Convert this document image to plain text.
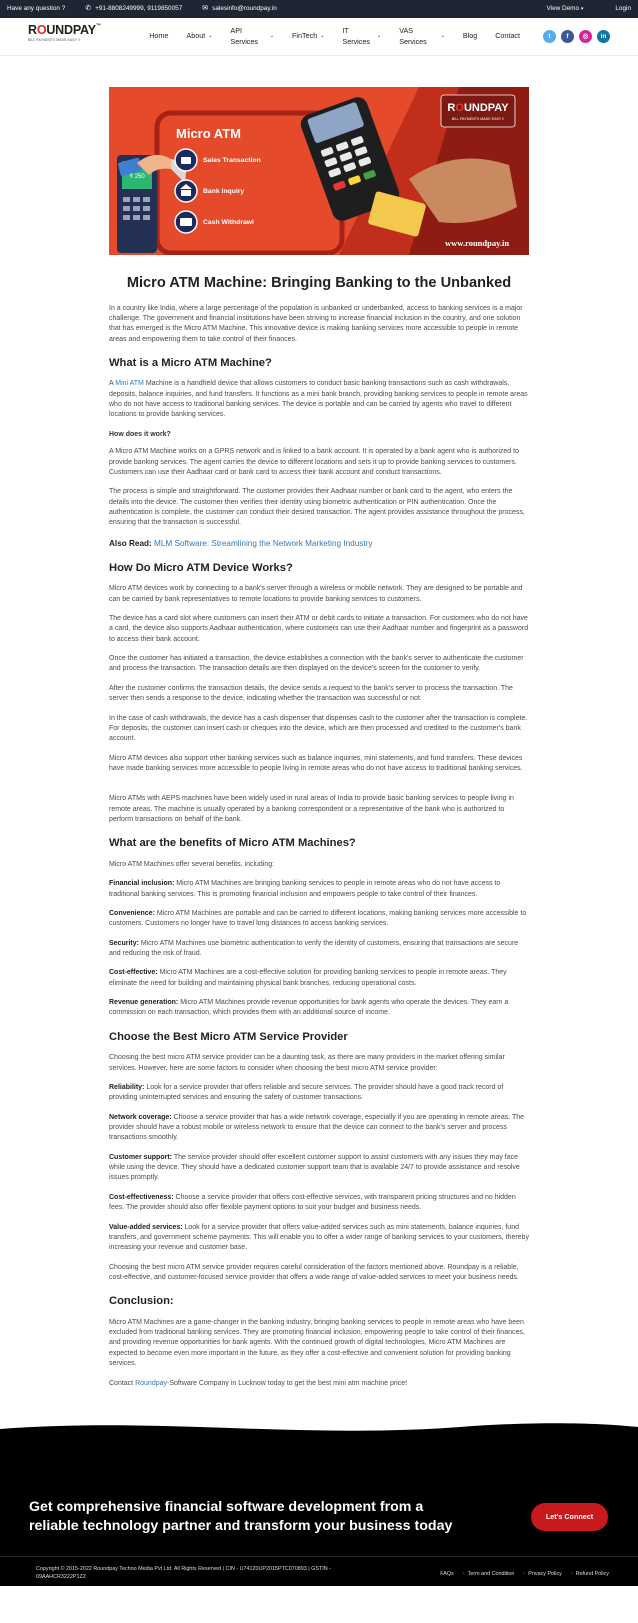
Have any question ?	✆ +91-8808249999, 9119850057	✉ salesinfo@roundpay.in	View Demo ▾	Login
ROUNDPAY™
BILL PAYMENTS MADE EASY !!	Home	About ⌄
API Services
⌄	FinTech ⌄
IT Services
⌄
VAS Services
⌄	Blog	Contact	t f ◎ in
₹ 250
ROUNDPAY
BILL PAYMENTS MADE EASY !!
Micro ATM
Sales Transaction
Bank Inquiry
Cash Withdrawl
www.roundpay.in
Micro ATM Machine: Bringing Banking to the Unbanked

In a country like India, where a large percentage of the population is unbanked or underbanked, access to banking services is a major challenge. The government and financial institutions have been striving to increase financial inclusion in the country, and one solution that has emerged is the Micro ATM Machine. This innovative device is making banking services more accessible to people in remote areas and empowering them to take control of their finances.

What is a Micro ATM Machine?

A Mini ATM Machine is a handheld device that allows customers to conduct basic banking transactions such as cash withdrawals, deposits, balance inquiries, and fund transfers. It functions as a mini bank branch, providing banking services to people in remote areas who do not have access to traditional banking services. The device is portable and can be carried by agents who travel to different locations to provide banking services.

How does it work?

A Micro ATM Machine works on a GPRS network and is linked to a bank account. It is operated by a bank agent who is authorized to provide banking services. The agent carries the device to different locations and sets it up to provide banking services to customers. Customers can use their Aadhaar card or bank card to access their bank account and conduct transactions.

The process is simple and straightforward. The customer provides their Aadhaar number or bank card to the agent, who enters the details into the device. The customer then verifies their identity using biometric authentication or PIN authentication. Once the authentication is complete, the customer can conduct their desired transaction. The agent provides assistance throughout the process, ensuring that the transaction is successful.

Also Read: MLM Software: Streamlining the Network Marketing Industry
How Do Micro ATM Device Works?

Micro ATM devices work by connecting to a bank's server through a wireless or mobile network. They are designed to be portable and can be carried by bank representatives to remote locations to provide banking services to customers.

The device has a card slot where customers can insert their ATM or debit cards to initiate a transaction. For customers who do not have a card, the device also supports Aadhaar authentication, where customers can use their Aadhaar number and fingerprint as a password to access their bank account.

Once the customer has initiated a transaction, the device establishes a connection with the bank's server to authenticate the customer and process the transaction. The transaction details are then displayed on the device's screen for the customer to verify.

After the customer confirms the transaction details, the device sends a request to the bank's server to process the transaction. The server then sends a response to the device, indicating whether the transaction was successful or not.

In the case of cash withdrawals, the device has a cash dispenser that dispenses cash to the customer after the transaction is complete. For deposits, the customer can insert cash or cheques into the device, which are then processed and credited to the customer's bank account.

Micro ATM devices also support other banking services such as balance inquiries, mini statements, and fund transfers. These devices have made banking services more accessible to people living in remote areas who do not have access to traditional banking services.

Micro ATMs with AEPS machines have been widely used in rural areas of India to provide basic banking services to people living in remote areas. The machine is usually operated by a banking correspondent or a representative of the bank who is authorized to perform transactions on behalf of the bank.

What are the benefits of Micro ATM Machines?

Micro ATM Machines offer several benefits, including:

Financial inclusion: Micro ATM Machines are bringing banking services to people in remote areas who do not have access to traditional banking services. This is promoting financial inclusion and empowers people to take control of their finances.

Convenience: Micro ATM Machines are portable and can be carried to different locations, making banking services more accessible to customers. Customers no longer have to travel long distances to access banking services.

Security: Micro ATM Machines use biometric authentication to verify the identity of customers, ensuring that transactions are secure and reducing the risk of fraud.

Cost-effective: Micro ATM Machines are a cost-effective solution for providing banking services to people in remote areas. They eliminate the need for building and maintaining physical bank branches, reducing operational costs.

Revenue generation: Micro ATM Machines provide revenue opportunities for bank agents who operate the devices. They earn a commission on each transaction, which provides them with an additional source of income.

Choose the Best Micro ATM Service Provider

Choosing the best micro ATM service provider can be a daunting task, as there are many providers in the market offering similar services. However, here are some factors to consider when choosing the best micro ATM service provider:

Reliability: Look for a service provider that offers reliable and secure services. The provider should have a good track record of providing uninterrupted services and ensuring the safety of customer transactions.

Network coverage: Choose a service provider that has a wide network coverage, especially if you are operating in remote areas. The provider should have a robust mobile or wireless network to ensure that the device can connect to the bank's server and process transactions smoothly.

Customer support: The service provider should offer excellent customer support to assist customers with any issues they may face while using the device. They should have a dedicated customer support team that is available 24/7 to provide assistance and resolve issues promptly.

Cost-effectiveness: Choose a service provider that offers cost-effective services, with transparent pricing structures and no hidden fees. The provider should also offer flexible payment options to suit your budget and business needs.

Value-added services: Look for a service provider that offers value-added services such as mini statements, balance inquiries, fund transfers, and government scheme payments. This will enable you to offer a wider range of banking services to your customers, thereby increasing your revenue and customer base.

Choosing the best micro ATM service provider requires careful consideration of the factors mentioned above. Roundpay is a reliable, cost-effective, and customer-focused service provider that offers a wide range of value-added services to meet your business needs.

Conclusion:

Micro ATM Machines are a game-changer in the banking industry, bringing banking services to people in remote areas who have been excluded from traditional banking services. They are promoting financial inclusion, empowering people to take control of their finances, and providing revenue opportunities for bank agents. With the continued growth of digital technologies, Micro ATM Machines are expected to become even more important in the future, as they offer a cost-effective and convenient solution for providing banking services.

Contact Roundpay-Software Company in Lucknow today to get the best mini atm machine price!

Get comprehensive financial software development from a reliable technology partner and transform your business today
Let's Connect
Copyright © 2015-2022 Roundpay Techno Media Pvt Ltd. All Rights Reserved | CIN - U74120UP2015PTC070893 | GSTIN - 09AAHCR3222P1ZZ
FAQs	• Term and Condition	• Privacy Policy	• Refund Policy
